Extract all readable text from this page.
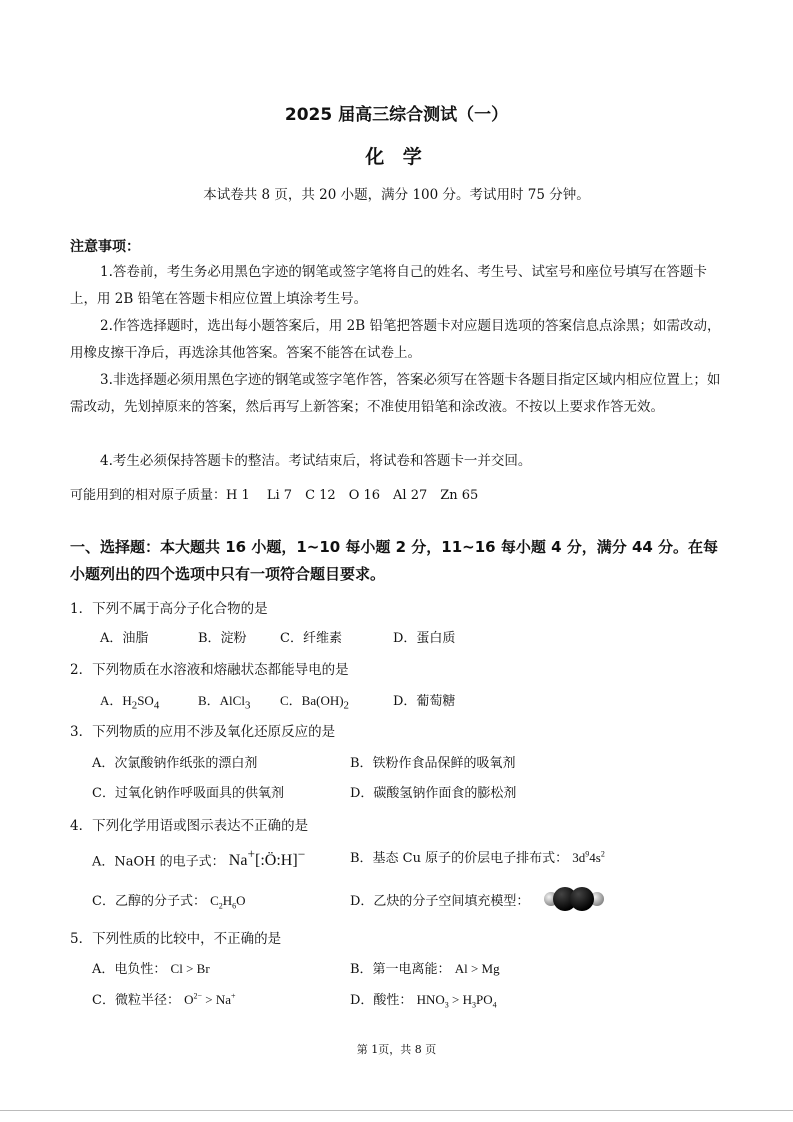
2025 届高三综合测试（一）
化 学
本试卷共 8 页，共 20 小题，满分 100 分。考试用时 75 分钟。
注意事项：
1.答卷前，考生务必用黑色字迹的钢笔或签字笔将自己的姓名、考生号、试室号和座位号填写在答题卡上，用 2B 铅笔在答题卡相应位置上填涂考生号。
2.作答选择题时，选出每小题答案后，用 2B 铅笔把答题卡对应题目选项的答案信息点涂黑；如需改动，用橡皮擦干净后，再选涂其他答案。答案不能答在试卷上。
3.非选择题必须用黑色字迹的钢笔或签字笔作答，答案必须写在答题卡各题目指定区域内相应位置上；如需改动，先划掉原来的答案，然后再写上新答案；不准使用铅笔和涂改液。不按以上要求作答无效。
4.考生必须保持答题卡的整洁。考试结束后，将试卷和答题卡一并交回。
可能用到的相对原子质量：H 1　 Li 7　C 12　O 16　Al 27　Zn 65
一、选择题：本大题共 16 小题，1~10 每小题 2 分，11~16 每小题 4 分，满分 44 分。在每小题列出的四个选项中只有一项符合题目要求。
1．下列不属于高分子化合物的是
A．油脂	B．淀粉	C．纤维素	D．蛋白质
2．下列物质在水溶液和熔融状态都能导电的是
A．$H_2SO_4$	B．AlCl$_3$ C．$Ba(OH)_2$	D．葡萄糖
3．下列物质的应用不涉及氧化还原反应的是
A．次氯酸钠作纸张的漂白剂	B．铁粉作食品保鲜的吸氧剂
C．过氧化钠作呼吸面具的供氧剂	D．碳酸氢钠作面食的膨松剂
4．下列化学用语或图示表达不正确的是
A．NaOH 的电子式： Na+[:Ö:H]−	B．基态 Cu 原子的价层电子排布式： $3d^94s^2$
C．乙醇的分子式： $C_2H_6O$	D．乙炔的分子空间填充模型：
5．下列性质的比较中，不正确的是
A．电负性： Cl > Br	B．第一电离能： Al > Mg
C．微粒半径： $O^{2-} > Na^+$	D．酸性： $HNO_3 > H_3PO_4$
第 1页，共 8 页
